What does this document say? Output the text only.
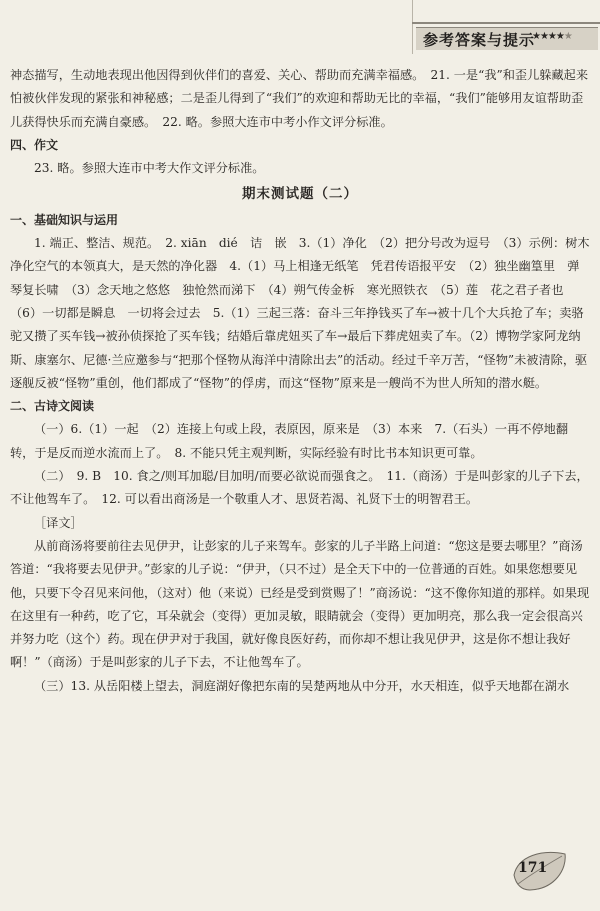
参考答案与提示
★★★★★

神态描写，生动地表现出他因得到伙伴们的喜爱、关心、帮助而充满幸福感。　21. 一是“我”和歪儿躲藏起来怕被伙伴发现的紧张和神秘感；二是歪儿得到了“我们”的欢迎和帮助无比的幸福，“我们”能够用友谊帮助歪儿获得快乐而充满自豪感。　22. 略。参照大连市中考小作文评分标准。

四、作文

23. 略。参照大连市中考大作文评分标准。

期末测试题（二）

一、基础知识与运用

1. 端正、整洁、规范。　2. xiān　dié　诘　嵌　3.（1）净化　（2）把分号改为逗号　（3）示例：树木净化空气的本领真大，是天然的净化器　4.（1）马上相逢无纸笔　凭君传语报平安　（2）独坐幽篁里　弹琴复长啸　（3）念天地之悠悠　独怆然而涕下　（4）朔气传金柝　寒光照铁衣　（5）莲　花之君子者也　（6）一切都是瞬息　一切将会过去　5.（1）三起三落：奋斗三年挣钱买了车→被十几个大兵抢了车；卖骆驼又攒了买车钱→被孙侦探抢了买车钱；结婚后靠虎妞买了车→最后下葬虎妞卖了车。（2）博物学家阿龙纳斯、康塞尔、尼德·兰应邀参与“把那个怪物从海洋中清除出去”的活动。经过千辛万苦，“怪物”未被清除，驱逐舰反被“怪物”重创，他们都成了“怪物”的俘虏，而这“怪物”原来是一艘尚不为世人所知的潜水艇。

二、古诗文阅读

（一）6.（1）一起　（2）连接上句或上段，表原因，原来是　（3）本来　7.（石头）一再不停地翻转，于是反而逆水流而上了。　8. 不能只凭主观判断，实际经验有时比书本知识更可靠。

（二）　9. B　10. 食之/则耳加聪/目加明/而要必欲说而强食之。　11.（商汤）于是叫彭家的儿子下去，不让他驾车了。　12. 可以看出商汤是一个敬重人才、思贤若渴、礼贤下士的明智君王。

［译文］

从前商汤将要前往去见伊尹，让彭家的儿子来驾车。彭家的儿子半路上问道：“您这是要去哪里？”商汤答道：“我将要去见伊尹。”彭家的儿子说：“伊尹，（只不过）是全天下中的一位普通的百姓。如果您想要见他，只要下令召见来问他，（这对）他（来说）已经是受到赏赐了！”商汤说：“这不像你知道的那样。如果现在这里有一种药，吃了它，耳朵就会（变得）更加灵敏，眼睛就会（变得）更加明亮，那么我一定会很高兴并努力吃（这个）药。现在伊尹对于我国，就好像良医好药，而你却不想让我见伊尹，这是你不想让我好啊！”（商汤）于是叫彭家的儿子下去，不让他驾车了。

（三）13. 从岳阳楼上望去，洞庭湖好像把东南的吴楚两地从中分开，水天相连，似乎天地都在湖水

171
